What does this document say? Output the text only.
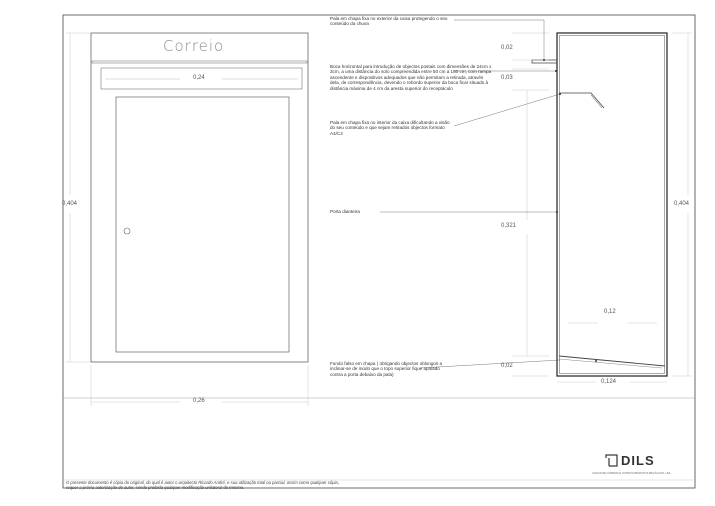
Correio
0,24
0,404
0,26
0,02
0,03
0,321
0,404
0,12
0,02
0,124
Pala em chapa fixa no exterior da caixa protegendo o seu conteúdo da chuva
Boca horizontal para introdução de objectos postais com dimensões de 24cm x 3cm, a uma distância do solo compreendida entre 50 cm a 160 cm, com rampa ascendente e dispositivos adequados que não permitam a retirada, através dela, de correspondência, devendo o rebordo superior da boca ficar situado à distância máxima de 4 cm da aresta superior do receptáculo
Pala em chapa fixa no interior da caixa dificultando a visão do seu conteúdo e que sejam retirados objectos formato A4/C4
Porta dianteira
Fundo falso em chapa ( obrigando objectos oblongos a inclinar-se de modo que o topo superior fique apoiado contra a porta debaixo da pala)
DILS
CAIXAS DE CORREIO E OUTROS PRODUTOS METÁLICOS, LDA
O presente documento é cópia do original, do qual é autor o arquitecto Ricardo André, e sua utilização total ou parcial, assim como qualquer cópia,
requer a prévia autorização do autor, sendo proibida qualquer modificação unilateral do mesmo.
